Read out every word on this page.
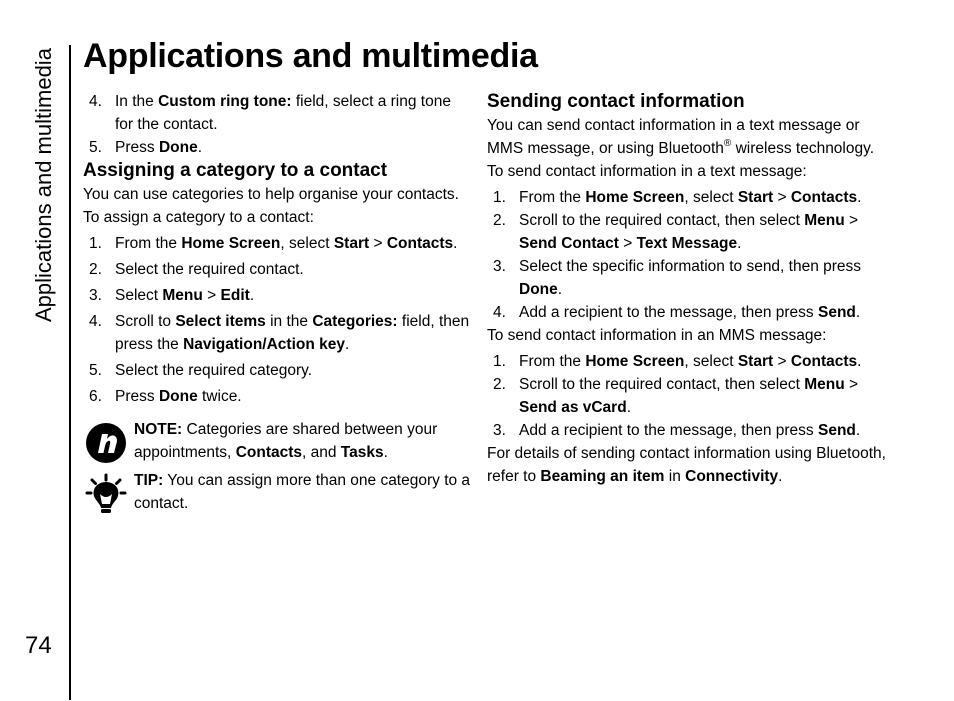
Applications and multimedia
74
Applications and multimedia
4. In the Custom ring tone: field, select a ring tone for the contact.
5. Press Done.
Assigning a category to a contact

You can use categories to help organise your contacts.

To assign a category to a contact:

1. From the Home Screen, select Start > Contacts.
2. Select the required contact.
3. Select Menu > Edit.
4. Scroll to Select items in the Categories: field, then press the Navigation/Action key.
5. Select the required category.
6. Press Done twice.

NOTE: Categories are shared between your appointments, Contacts, and Tasks.

TIP: You can assign more than one category to a contact.

Sending contact information

You can send contact information in a text message or MMS message, or using Bluetooth® wireless technology.

To send contact information in a text message:

1. From the Home Screen, select Start > Contacts.
2. Scroll to the required contact, then select Menu > Send Contact > Text Message.
3. Select the specific information to send, then press Done.
4. Add a recipient to the message, then press Send.

To send contact information in an MMS message:

1. From the Home Screen, select Start > Contacts.
2. Scroll to the required contact, then select Menu > Send as vCard.
3. Add a recipient to the message, then press Send.

For details of sending contact information using Bluetooth, refer to Beaming an item in Connectivity.
